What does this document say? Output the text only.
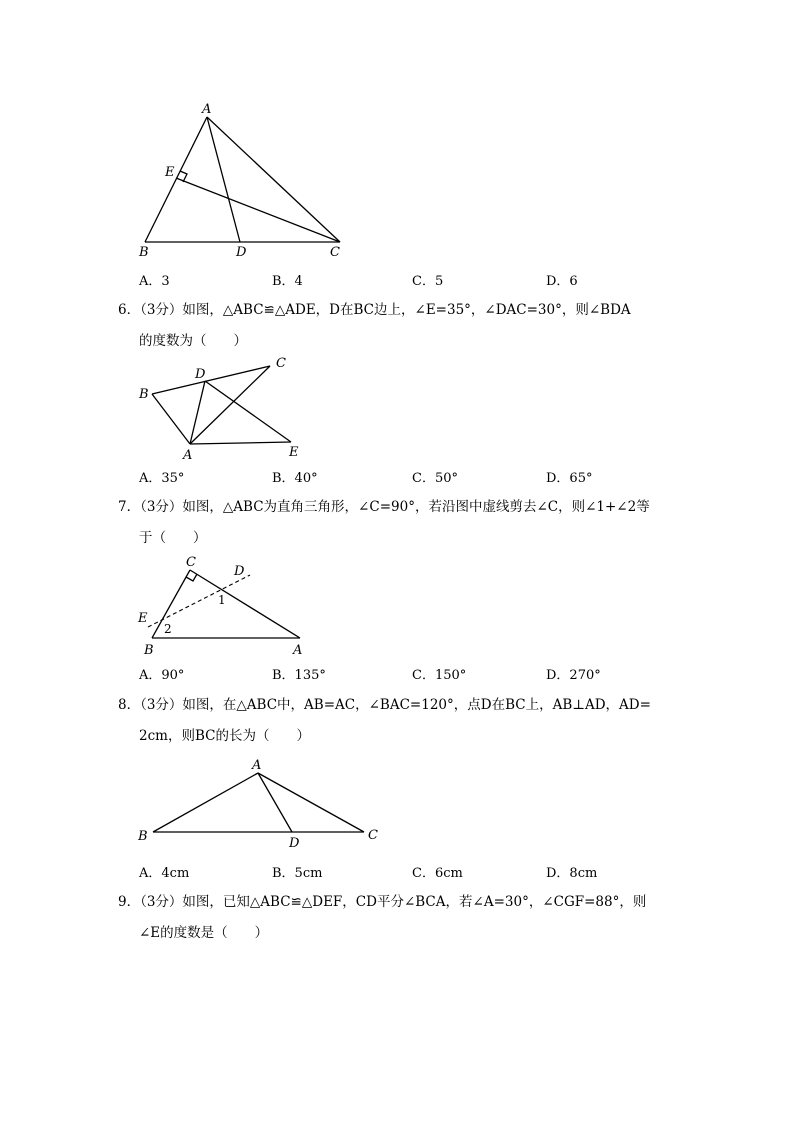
A
E
B	D	C
A．3	B．4	C．5	D．6
6．（3分）如图，△ABC≌△ADE，D在BC边上，∠E=35°，∠DAC=30°，则∠BDA
的度数为（　　）
C
D
B
A	E
A．35°	B．40°	C．50°	D．65°
7．（3分）如图，△ABC为直角三角形，∠C=90°，若沿图中虚线剪去∠C，则∠1+∠2等
于（　　）
C
D
1
E
2
B	A
A．90°	B．135°	C．150°	D．270°
8．（3分）如图，在△ABC中，AB=AC，∠BAC=120°，点D在BC上，AB⊥AD，AD=
2cm，则BC的长为（　　）
A
B	D
C
A．4cm	B．5cm	C．6cm	D．8cm
9．（3分）如图，已知△ABC≌△DEF，CD平分∠BCA，若∠A=30°，∠CGF=88°，则
∠E的度数是（　　）
